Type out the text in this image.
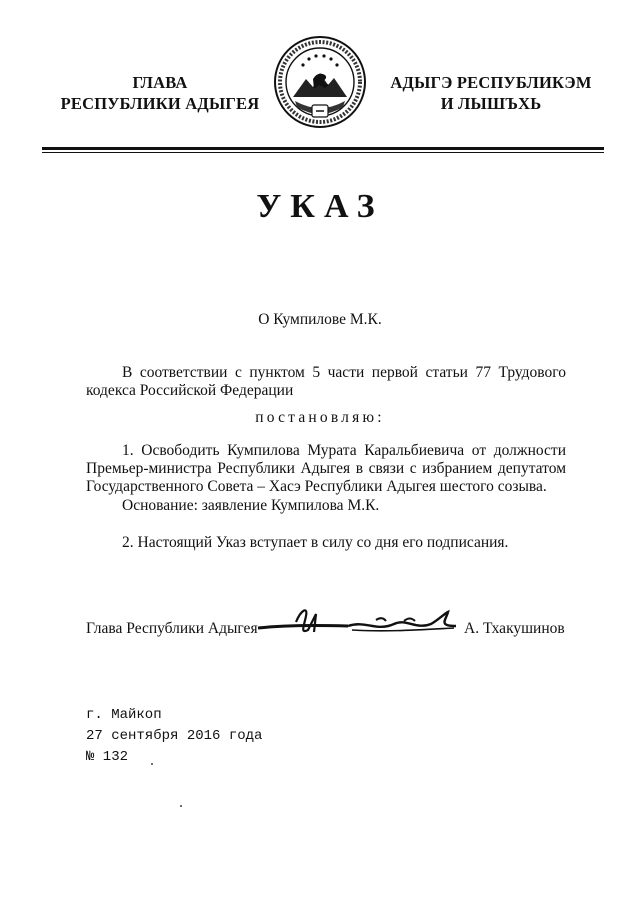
ГЛАВА
РЕСПУБЛИКИ АДЫГЕЯ
АДЫГЭ РЕСПУБЛИКЭМ
И ЛЫШЪХЬ
УКАЗ
О Кумпилове М.К.
В соответствии с пунктом 5 части первой статьи 77 Трудового кодекса Российской Федерации
постановляю:
1. Освободить Кумпилова Мурата Каральбиевича от должности Премьер-министра Республики Адыгея в связи с избранием депутатом Государственного Совета – Хасэ Республики Адыгея шестого созыва.
Основание: заявление Кумпилова М.К.
2. Настоящий Указ вступает в силу со дня его подписания.
Глава Республики Адыгея	А. Тхакушинов
г. Майкоп
27 сентября 2016 года
№ 132
